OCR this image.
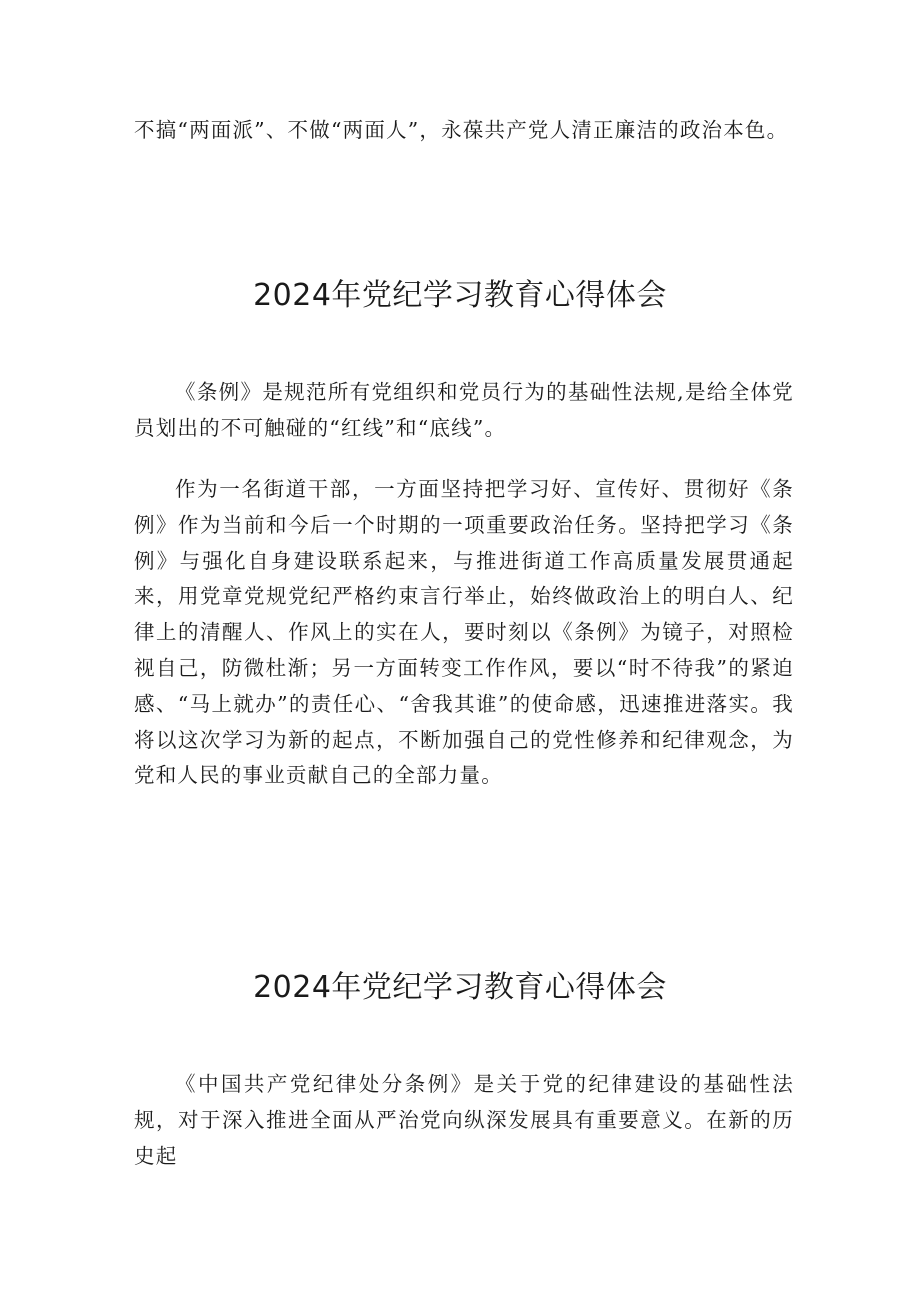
不搞“两面派”、不做“两面人”，永葆共产党人清正廉洁的政治本色。

2024年党纪学习教育心得体会

《条例》是规范所有党组织和党员行为的基础性法规,是给全体党员划出的不可触碰的“红线”和“底线”。

作为一名街道干部，一方面坚持把学习好、宣传好、贯彻好《条例》作为当前和今后一个时期的一项重要政治任务。坚持把学习《条例》与强化自身建设联系起来，与推进街道工作高质量发展贯通起来，用党章党规党纪严格约束言行举止，始终做政治上的明白人、纪律上的清醒人、作风上的实在人，要时刻以《条例》为镜子，对照检视自己，防微杜渐；另一方面转变工作作风，要以“时不待我”的紧迫感、“马上就办”的责任心、“舍我其谁”的使命感，迅速推进落实。我将以这次学习为新的起点，不断加强自己的党性修养和纪律观念，为党和人民的事业贡献自己的全部力量。

2024年党纪学习教育心得体会

《中国共产党纪律处分条例》是关于党的纪律建设的基础性法规，对于深入推进全面从严治党向纵深发展具有重要意义。在新的历史起
